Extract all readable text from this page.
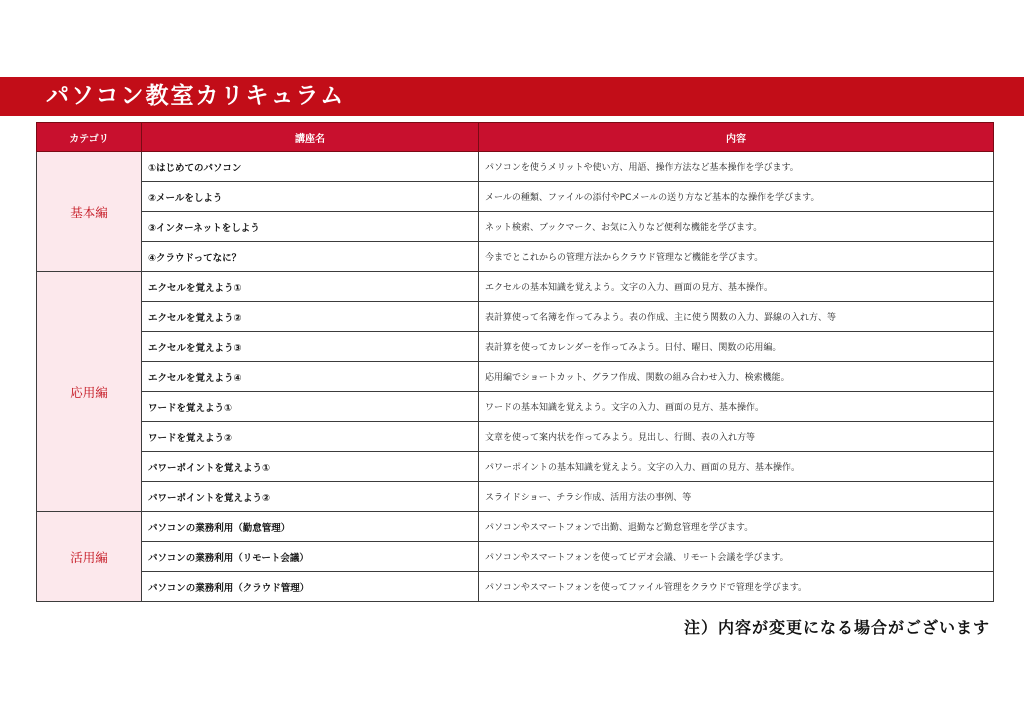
パソコン教室カリキュラム
カテゴリ	講座名	内容
基本編	①はじめてのパソコン	パソコンを使うメリットや使い方、用語、操作方法など基本操作を学びます。
	②メールをしよう	メールの種類、ファイルの添付やPCメールの送り方など基本的な操作を学びます。
	③インターネットをしよう	ネット検索、ブックマーク、お気に入りなど便利な機能を学びます。
	④クラウドってなに？	今までとこれからの管理方法からクラウド管理など機能を学びます。
応用編	エクセルを覚えよう①	エクセルの基本知識を覚えよう。文字の入力、画面の見方、基本操作。
	エクセルを覚えよう②	表計算使って名簿を作ってみよう。表の作成、主に使う関数の入力、罫線の入れ方、等
	エクセルを覚えよう③	表計算を使ってカレンダーを作ってみよう。日付、曜日、関数の応用編。
	エクセルを覚えよう④	応用編でショートカット、グラフ作成、関数の組み合わせ入力、検索機能。
	ワードを覚えよう①	ワードの基本知識を覚えよう。文字の入力、画面の見方、基本操作。
	ワードを覚えよう②	文章を使って案内状を作ってみよう。見出し、行間、表の入れ方等
	パワーポイントを覚えよう①	パワーポイントの基本知識を覚えよう。文字の入力、画面の見方、基本操作。
	パワーポイントを覚えよう②	スライドショー、チラシ作成、活用方法の事例、等
活用編	パソコンの業務利用（勤怠管理）	パソコンやスマートフォンで出勤、退勤など勤怠管理を学びます。
	パソコンの業務利用（リモート会議）	パソコンやスマートフォンを使ってビデオ会議、リモート会議を学びます。
	パソコンの業務利用（クラウド管理）	パソコンやスマートフォンを使ってファイル管理をクラウドで管理を学びます。
注）内容が変更になる場合がございます
